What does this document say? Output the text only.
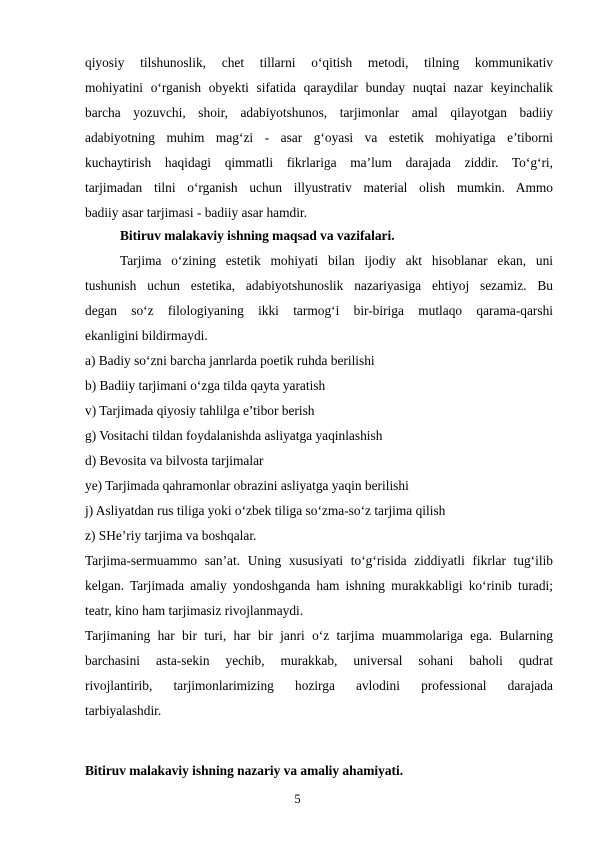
qiyosiy tilshunoslik, chet tillarni o‘qitish metodi, tilning kommunikativ
mohiyatini o‘rganish obyekti sifatida qaraydilar bunday nuqtai nazar keyinchalik
barcha yozuvchi, shoir, adabiyotshunos, tarjimonlar amal qilayotgan badiiy
adabiyotning muhim mag‘zi - asar g‘oyasi va estetik mohiyatiga e’tiborni
kuchaytirish haqidagi qimmatli fikrlariga ma’lum darajada ziddir. To‘g‘ri,
tarjimadan tilni o‘rganish uchun illyustrativ material olish mumkin. Ammo
badiiy asar tarjimasi - badiiy asar hamdir.
Bitiruv malakaviy ishning maqsad va vazifalari.
Tarjima o‘zining estetik mohiyati bilan ijodiy akt hisoblanar ekan, uni
tushunish uchun estetika, adabiyotshunoslik nazariyasiga ehtiyoj sezamiz. Bu
degan so‘z filologiyaning ikki tarmog‘i bir-biriga mutlaqo qarama-qarshi
ekanligini bildirmaydi.
a) Badiy so‘zni barcha janrlarda poetik ruhda berilishi
b) Badiiy tarjimani o‘zga tilda qayta yaratish
v) Tarjimada qiyosiy tahlilga e’tibor berish
g) Vositachi tildan foydalanishda asliyatga yaqinlashish
d) Bevosita va bilvosta tarjimalar
ye) Tarjimada qahramonlar obrazini asliyatga yaqin berilishi
j) Asliyatdan rus tiliga yoki o‘zbek tiliga so‘zma-so‘z tarjima qilish
z) SHe’riy tarjima va boshqalar.
Tarjima-sermuammo san’at. Uning xususiyati to‘g‘risida ziddiyatli fikrlar tug‘ilib
kelgan. Tarjimada amaliy yondoshganda ham ishning murakkabligi ko‘rinib turadi;
teatr, kino ham tarjimasiz rivojlanmaydi.
Tarjimaning har bir turi, har bir janri o‘z tarjima muammolariga ega. Bularning
barchasini asta-sekin yechib, murakkab, universal sohani baholi qudrat
rivojlantirib, tarjimonlarimizing hozirga avlodini professional darajada
tarbiyalashdir.
Bitiruv malakaviy ishning nazariy va amaliy ahamiyati.
5
